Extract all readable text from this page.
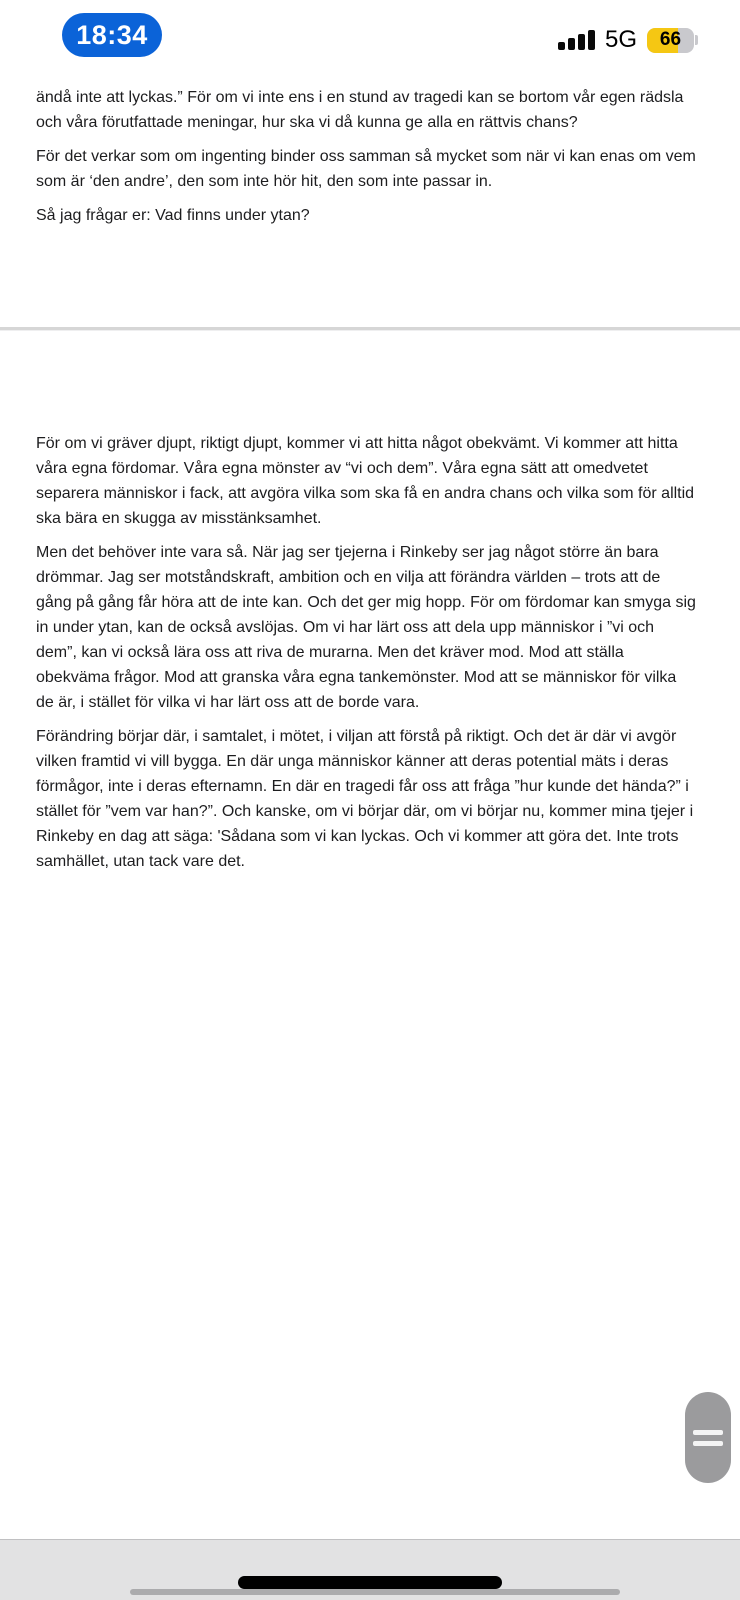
18:34	5G	66

ändå inte att lyckas.” För om vi inte ens i en stund av tragedi kan se bortom vår egen rädsla och våra förutfattade meningar, hur ska vi då kunna ge alla en rättvis chans?

För det verkar som om ingenting binder oss samman så mycket som när vi kan enas om vem som är ‘den andre’, den som inte hör hit, den som inte passar in.

Så jag frågar er: Vad finns under ytan?

För om vi gräver djupt, riktigt djupt, kommer vi att hitta något obekvämt. Vi kommer att hitta våra egna fördomar. Våra egna mönster av “vi och dem”. Våra egna sätt att omedvetet separera människor i fack, att avgöra vilka som ska få en andra chans och vilka som för alltid ska bära en skugga av misstänksamhet.

Men det behöver inte vara så. När jag ser tjejerna i Rinkeby ser jag något större än bara drömmar. Jag ser motståndskraft, ambition och en vilja att förändra världen – trots att de gång på gång får höra att de inte kan. Och det ger mig hopp. För om fördomar kan smyga sig in under ytan, kan de också avslöjas. Om vi har lärt oss att dela upp människor i ”vi och dem”, kan vi också lära oss att riva de murarna. Men det kräver mod. Mod att ställa obekväma frågor. Mod att granska våra egna tankemönster. Mod att se människor för vilka de är, i stället för vilka vi har lärt oss att de borde vara.

Förändring börjar där, i samtalet, i mötet, i viljan att förstå på riktigt. Och det är där vi avgör vilken framtid vi vill bygga. En där unga människor känner att deras potential mäts i deras förmågor, inte i deras efternamn. En där en tragedi får oss att fråga ”hur kunde det hända?” i stället för ”vem var han?”. Och kanske, om vi börjar där, om vi börjar nu, kommer mina tjejer i Rinkeby en dag att säga: 'Sådana som vi kan lyckas. Och vi kommer att göra det. Inte trots samhället, utan tack vare det.
